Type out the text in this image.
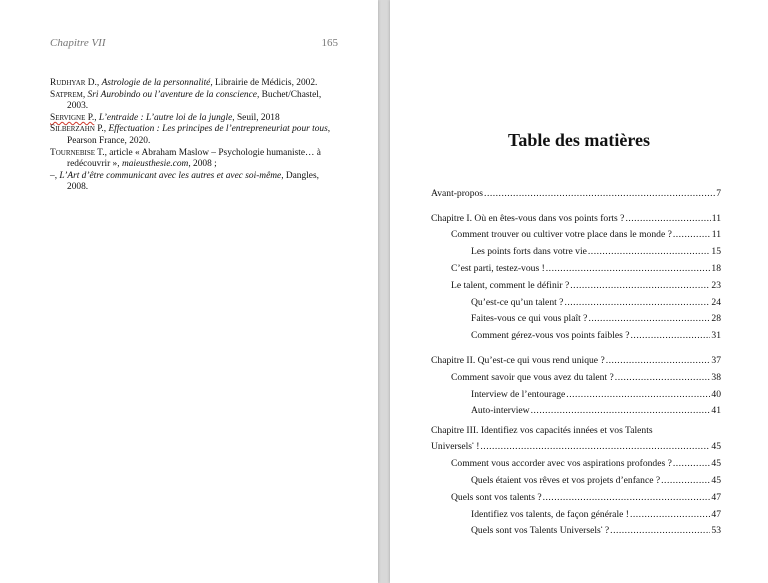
Chapitre VII	165

Rudhyar D., Astrologie de la personnalité, Librairie de Médicis, 2002.

Satprem, Sri Aurobindo ou l’aventure de la conscience, Buchet/Chastel, 2003.

Servigne P., L’entraide : L’autre loi de la jungle, Seuil, 2018

Silberzahn P., Effectuation : Les principes de l’entrepreneuriat pour tous, Pearson France, 2020.

Tournebise T., article « Abraham Maslow – Psychologie humaniste… à redécouvrir », maieusthesie.com, 2008 ;

–, L’Art d’être communicant avec les autres et avec soi-même, Dangles, 2008.

Table des matières
Avant-propos .....	7
Chapitre I. Où en êtes-vous dans vos points forts ? .....	11
Comment trouver ou cultiver votre place dans le monde ? .....	11
Les points forts dans votre vie .....	15
C’est parti, testez-vous ! .....	18
Le talent, comment le définir ? .....	23
Qu’est-ce qu’un talent ? .....	24
Faites-vous ce qui vous plaît ? .....	28
Comment gérez-vous vos points faibles ? .....	31
Chapitre II. Qu’est-ce qui vous rend unique ? .....	37
Comment savoir que vous avez du talent ? .....	38
Interview de l’entourage .....	40
Auto-interview .....	41
Chapitre III. Identifiez vos capacités innées et vos Talents
Universels• ! .....	45
Comment vous accorder avec vos aspirations profondes ? .....	45
Quels étaient vos rêves et vos projets d’enfance ? .....	45
Quels sont vos talents ? .....	47
Identifiez vos talents, de façon générale ! .....	47
Quels sont vos Talents Universels• ? .....	53
